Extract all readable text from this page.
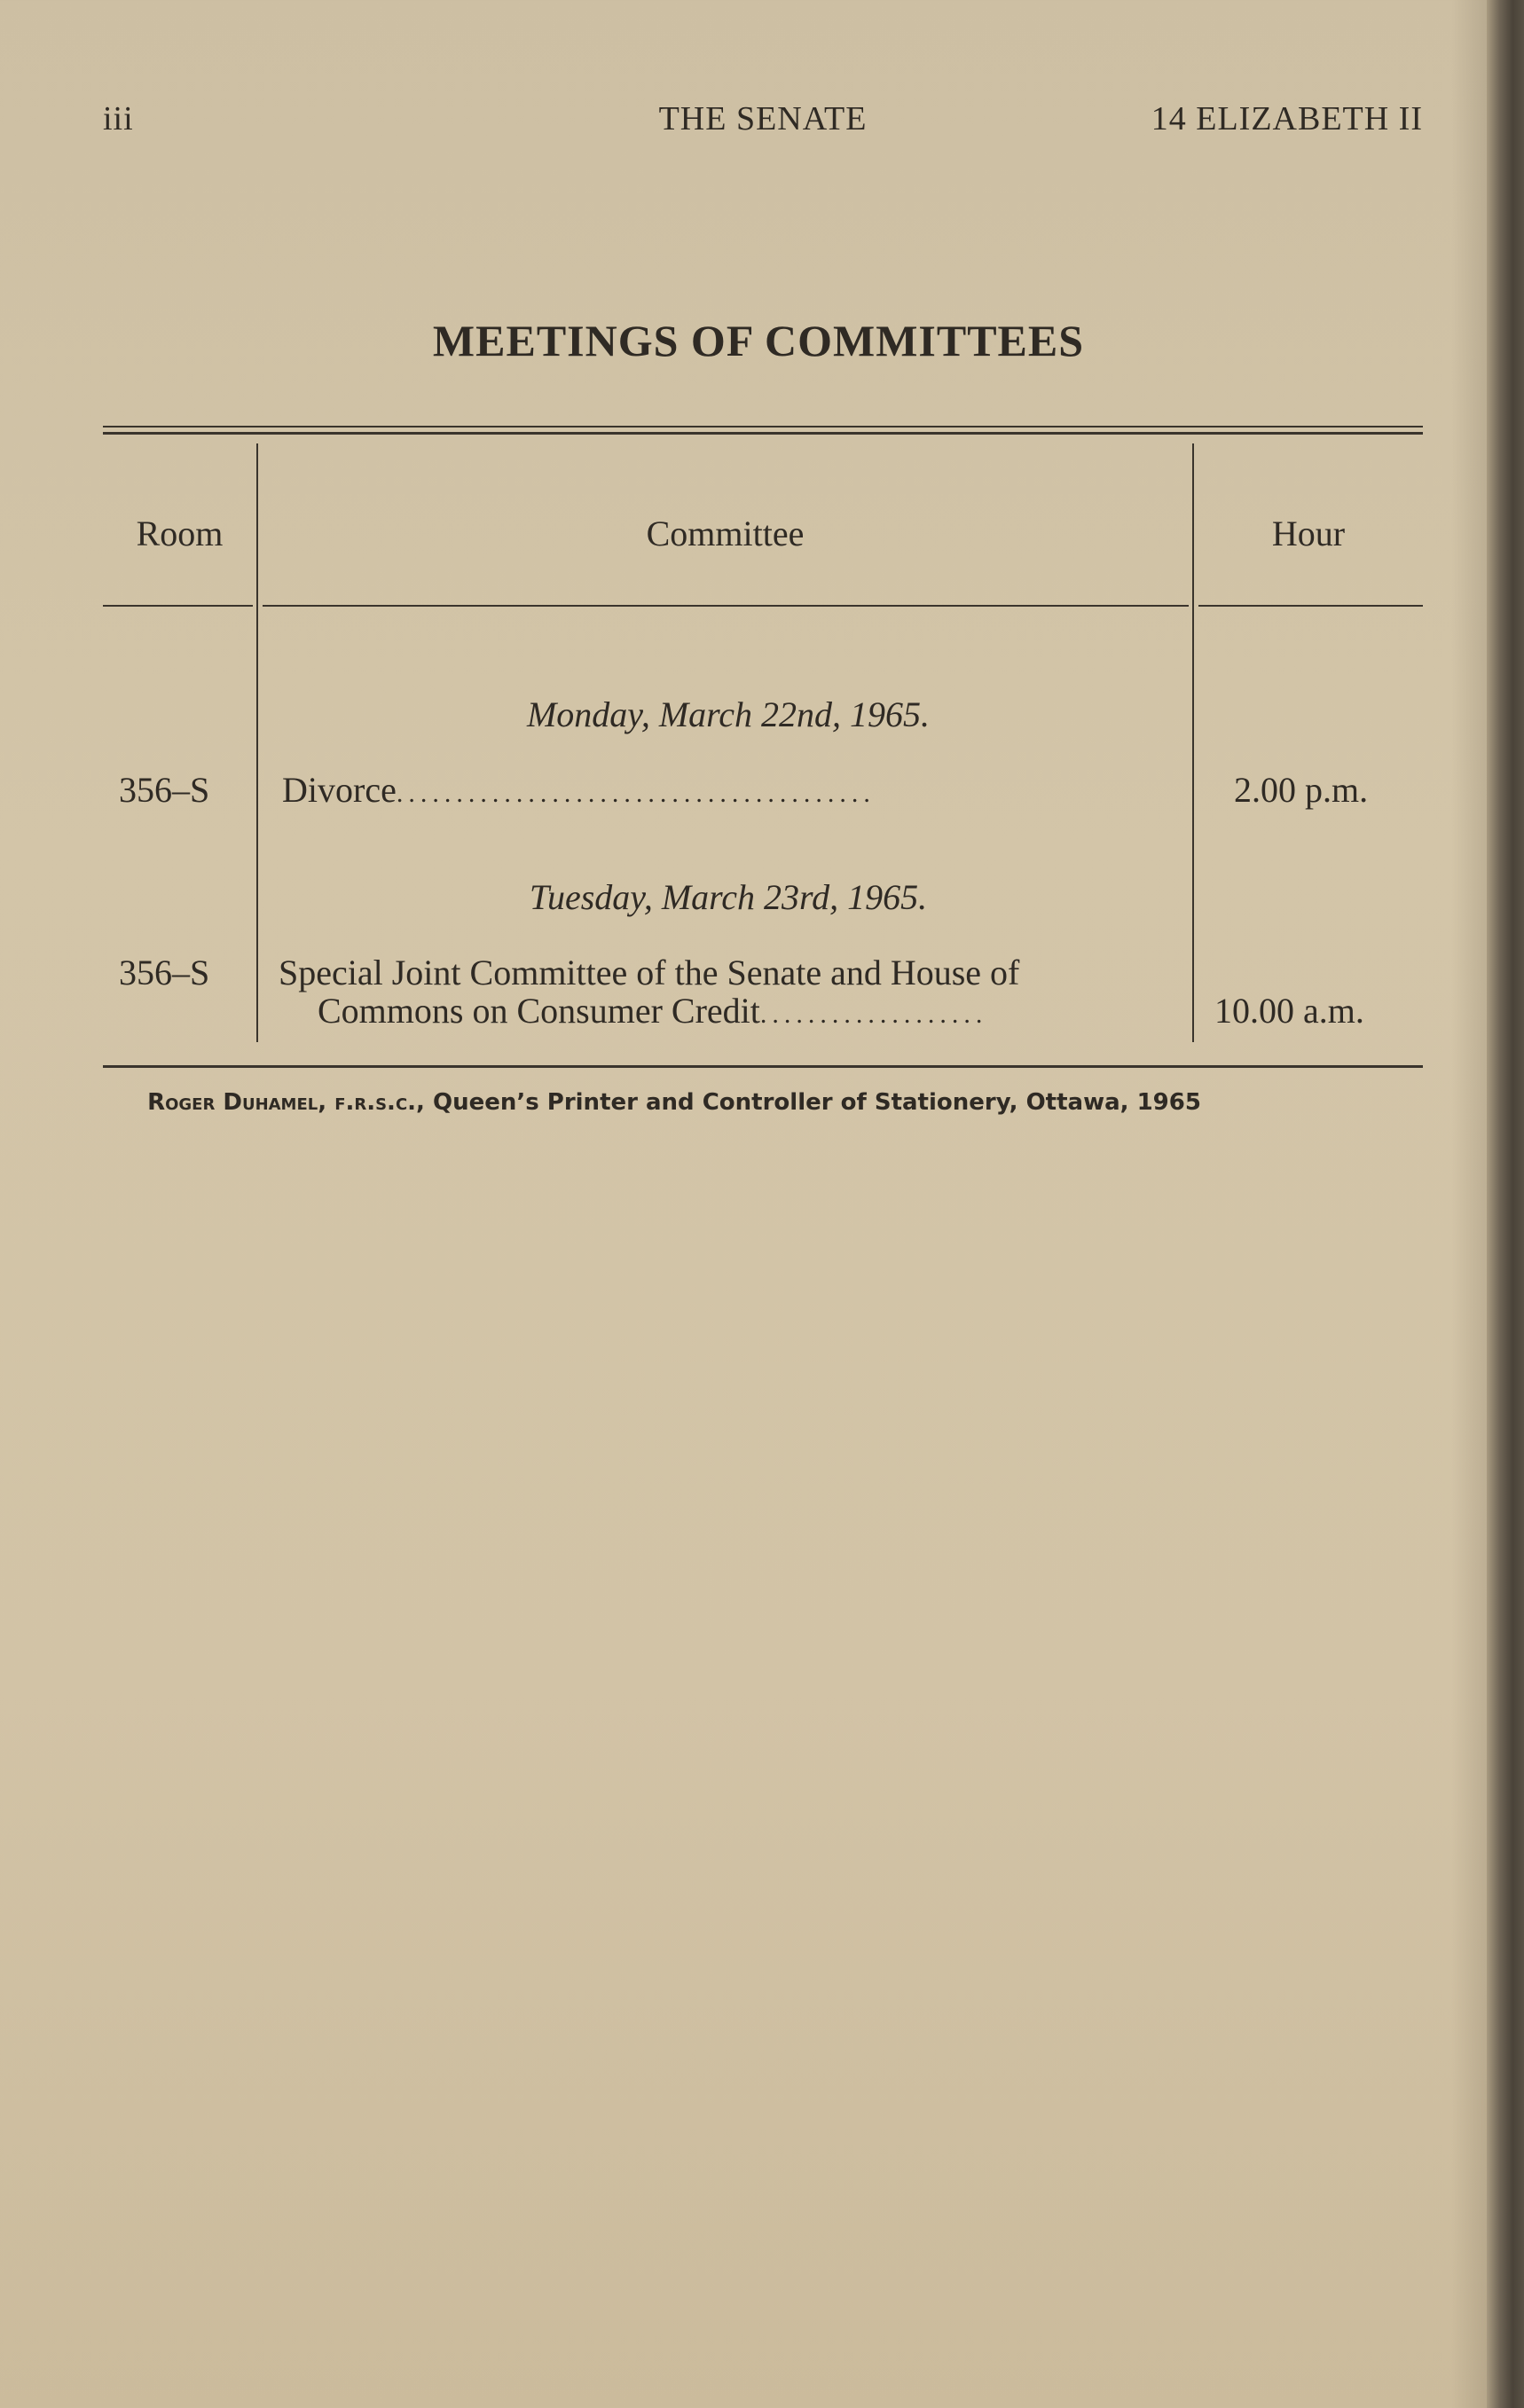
iii	THE SENATE	14 ELIZABETH II
MEETINGS OF COMMITTEES
Room	Committee	Hour
Monday, March 22nd, 1965.
356–S Divorce........................................	2.00 p.m.
Tuesday, March 23rd, 1965.
356–S Special Joint Committee of the Senate and House of
Commons on Consumer Credit...................	10.00 a.m.
Roger Duhamel, f.r.s.c., Queen’s Printer and Controller of Stationery, Ottawa, 1965
